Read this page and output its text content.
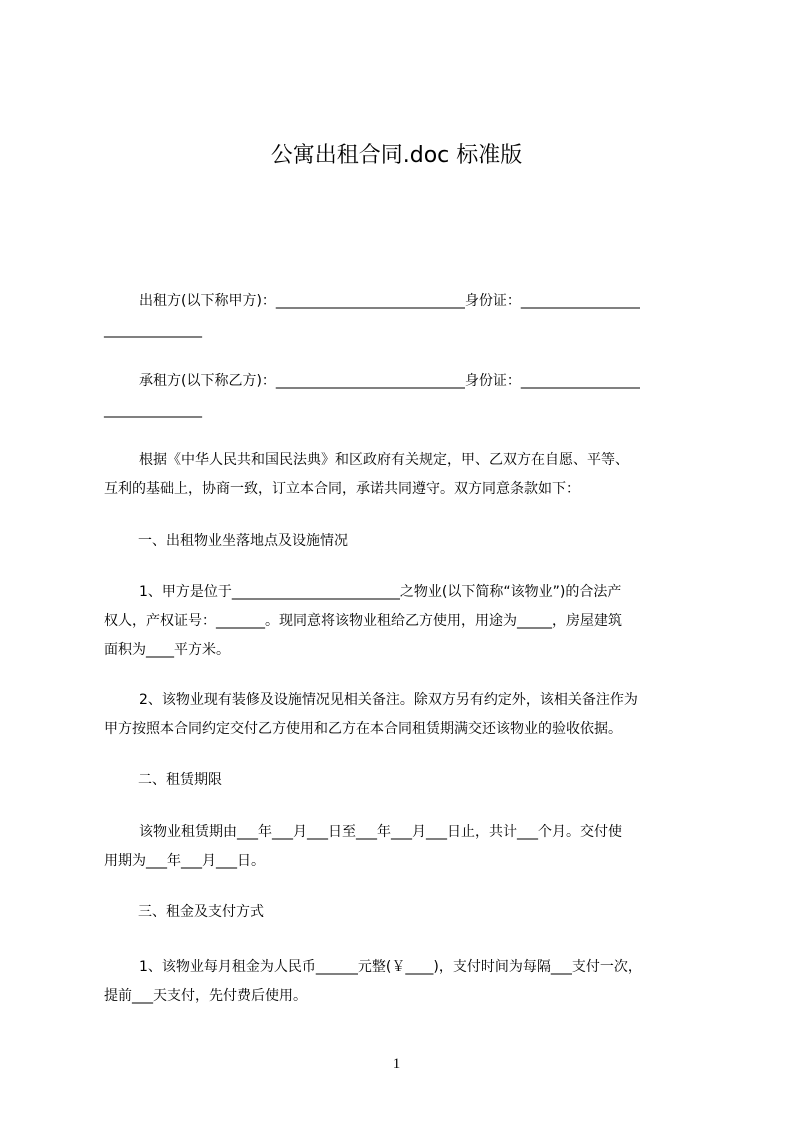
公寓出租合同.doc 标准版
出租方(以下称甲方)：___________________________身份证：_________________
______________
承租方(以下称乙方)：___________________________身份证：_________________
______________
根据《中华人民共和国民法典》和区政府有关规定，甲、乙双方在自愿、平等、
互利的基础上，协商一致，订立本合同，承诺共同遵守。双方同意条款如下：
一、出租物业坐落地点及设施情况
1、甲方是位于________________________之物业(以下简称“该物业”)的合法产
权人，产权证号：_______。现同意将该物业租给乙方使用，用途为_____，房屋建筑
面积为____平方米。
2、该物业现有装修及设施情况见相关备注。除双方另有约定外，该相关备注作为
甲方按照本合同约定交付乙方使用和乙方在本合同租赁期满交还该物业的验收依据。
二、租赁期限
该物业租赁期由___年___月___日至___年___月___日止，共计___个月。交付使
用期为___年___月___日。
三、租金及支付方式
1、该物业每月租金为人民币______元整(￥____)，支付时间为每隔___支付一次，
提前___天支付，先付费后使用。
1
